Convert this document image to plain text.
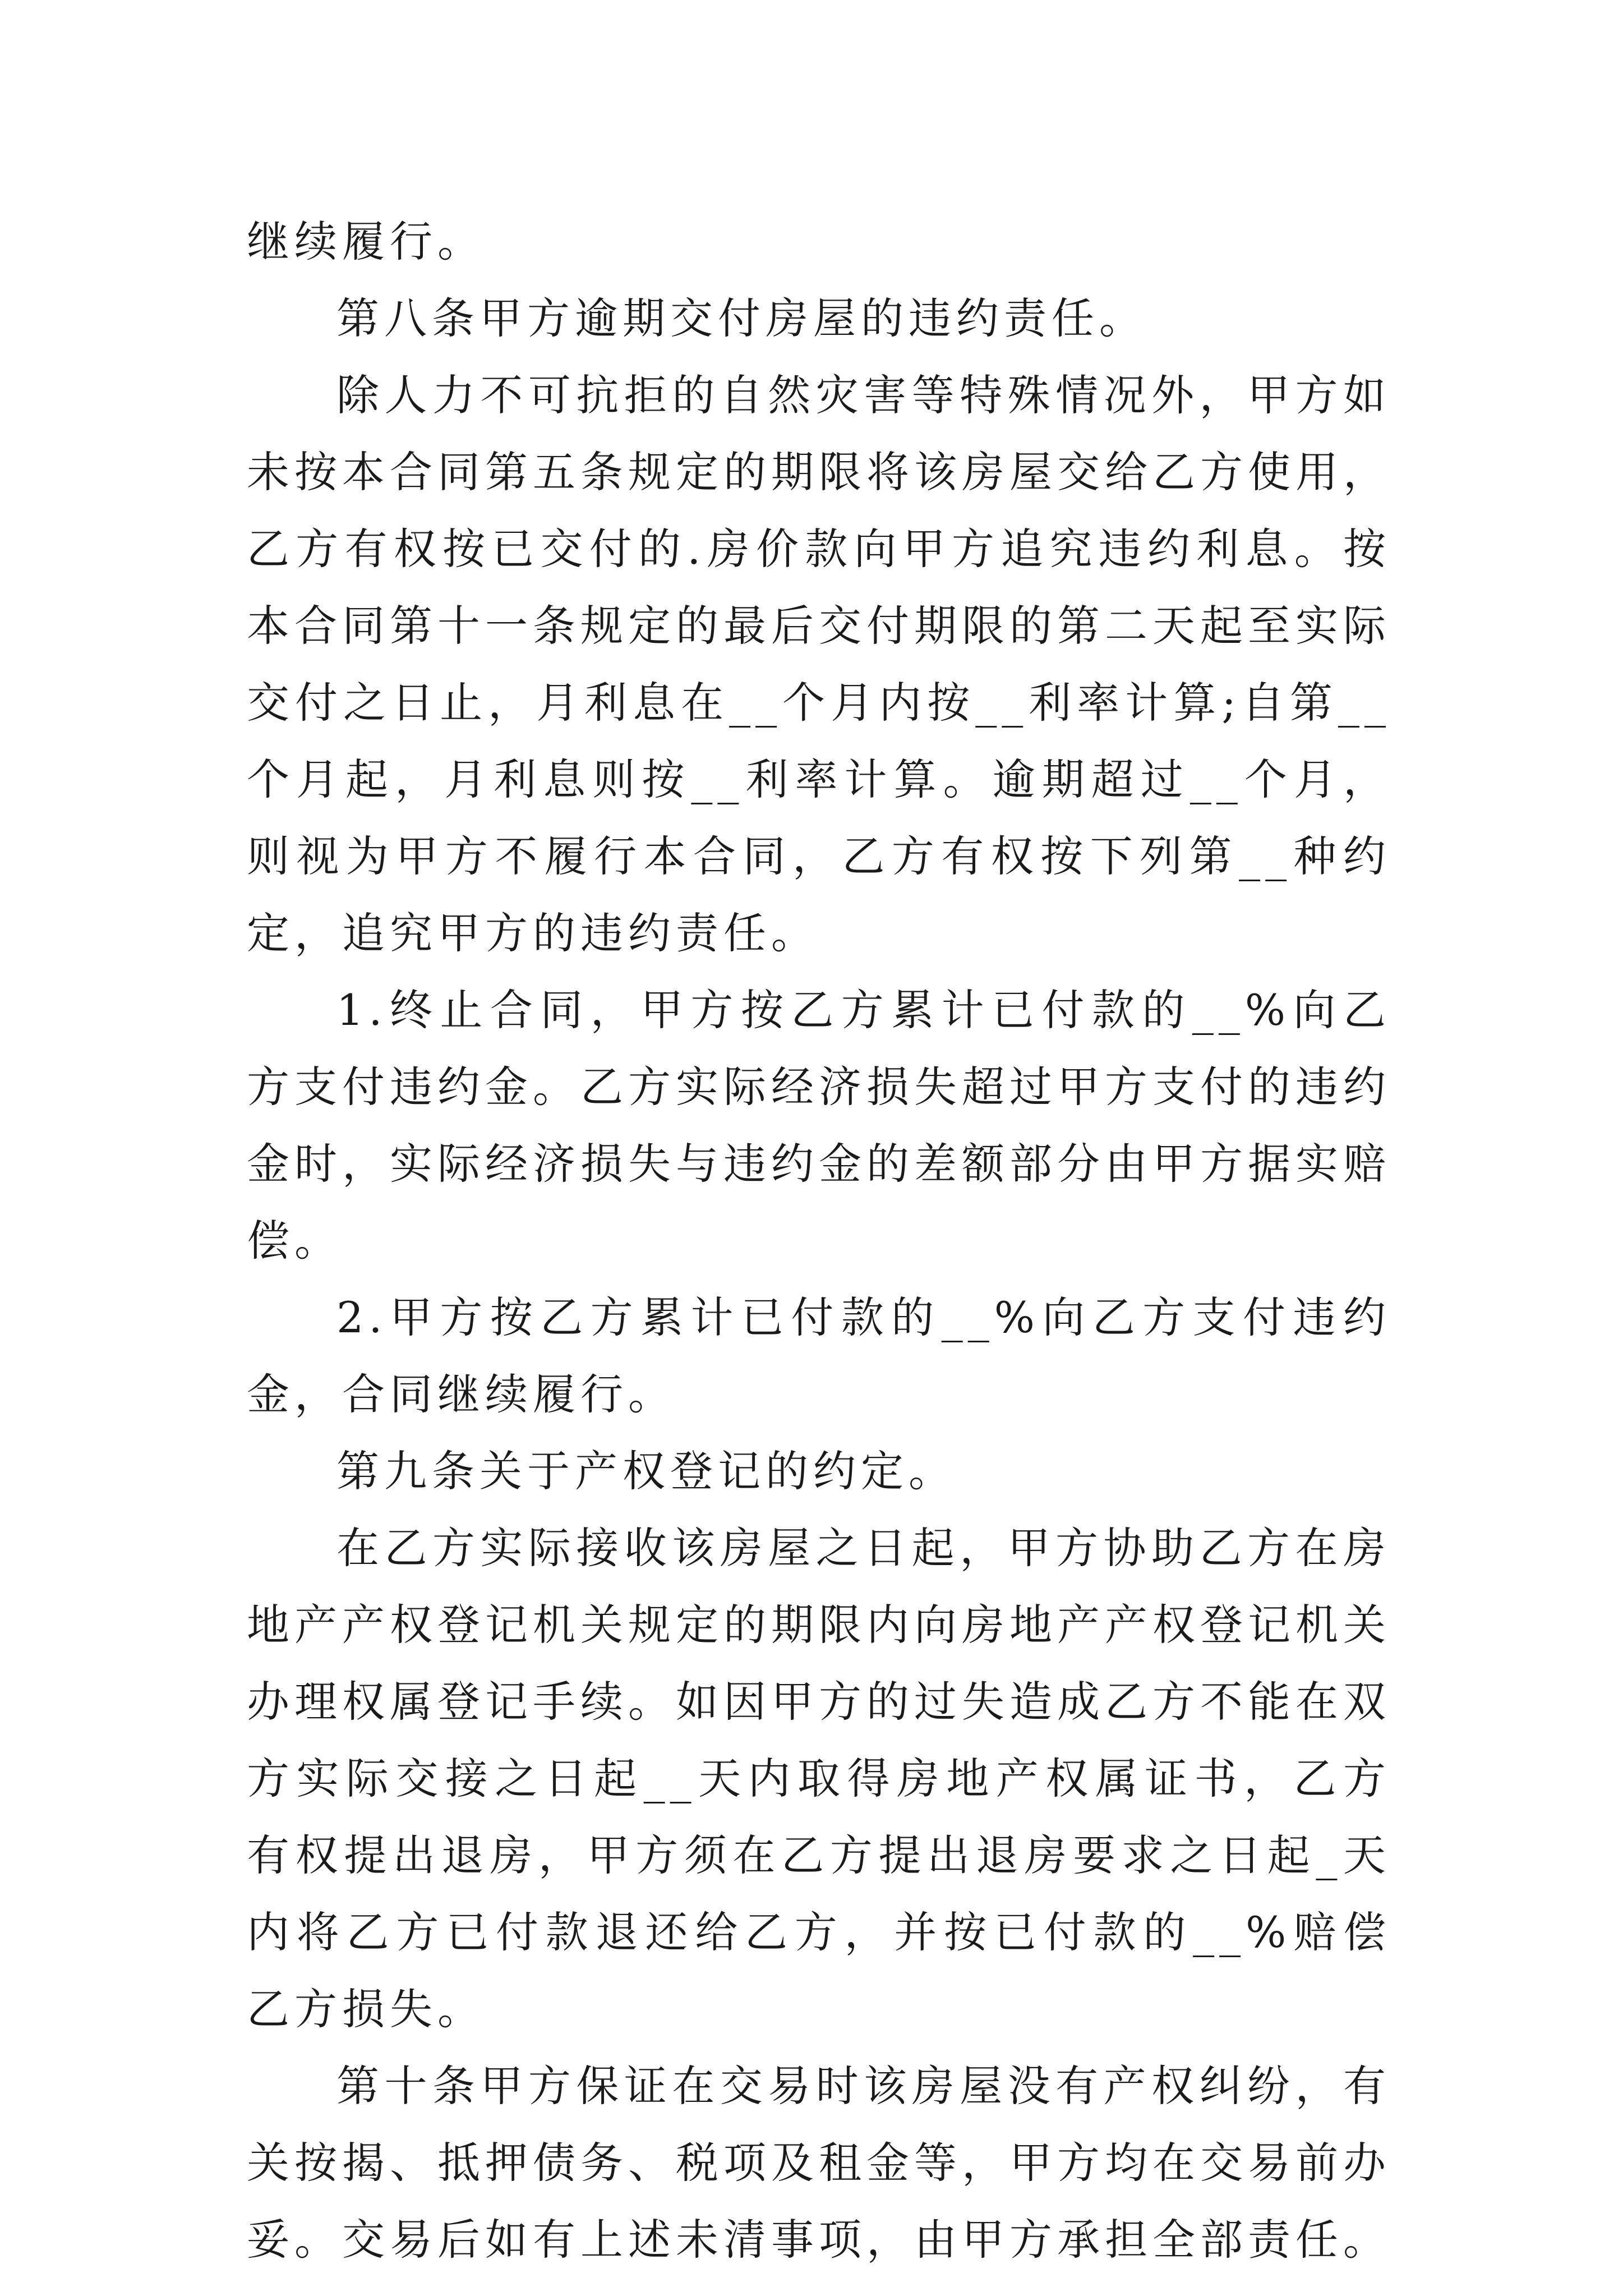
继续履行。

第八条甲方逾期交付房屋的违约责任。

除人力不可抗拒的自然灾害等特殊情况外，甲方如未按本合同第五条规定的期限将该房屋交给乙方使用，乙方有权按已交付的.房价款向甲方追究违约利息。按本合同第十一条规定的最后交付期限的第二天起至实际交付之日止，月利息在__个月内按__利率计算;自第__个月起，月利息则按__利率计算。逾期超过__个月，则视为甲方不履行本合同，乙方有权按下列第__种约定，追究甲方的违约责任。

1.终止合同，甲方按乙方累计已付款的__%向乙方支付违约金。乙方实际经济损失超过甲方支付的违约金时，实际经济损失与违约金的差额部分由甲方据实赔偿。

2.甲方按乙方累计已付款的__%向乙方支付违约金，合同继续履行。

第九条关于产权登记的约定。

在乙方实际接收该房屋之日起，甲方协助乙方在房地产产权登记机关规定的期限内向房地产产权登记机关办理权属登记手续。如因甲方的过失造成乙方不能在双方实际交接之日起__天内取得房地产权属证书，乙方有权提出退房，甲方须在乙方提出退房要求之日起_天内将乙方已付款退还给乙方，并按已付款的__%赔偿乙方损失。

第十条甲方保证在交易时该房屋没有产权纠纷，有关按揭、抵押债务、税项及租金等，甲方均在交易前办妥。交易后如有上述未清事项，由甲方承担全部责任。
